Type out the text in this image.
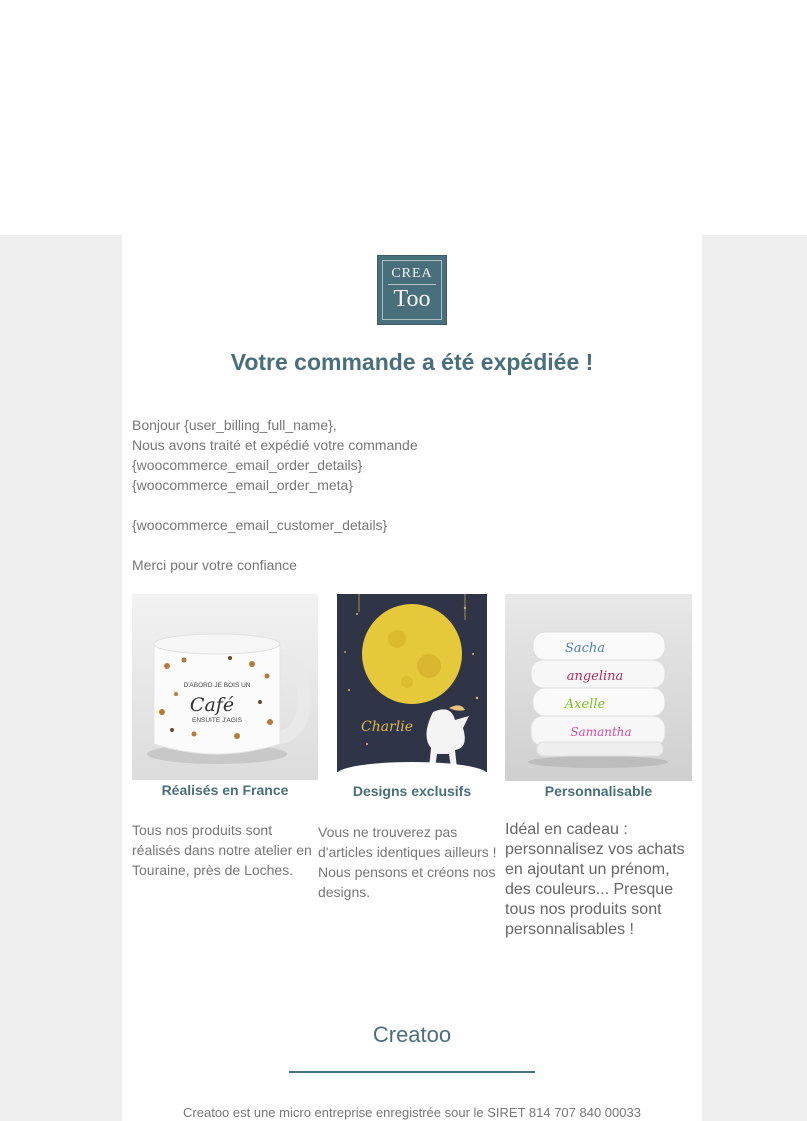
CREA
Too
Votre commande a été expédiée !
Bonjour {user_billing_full_name},
Nous avons traité et expédié votre commande
{woocommerce_email_order_details}
{woocommerce_email_order_meta}
{woocommerce_email_customer_details}
Merci pour votre confiance
D'ABORD JE BOIS UN
Café
ENSUITE J'AGIS
Réalisés en France
Tous nos produits sont réalisés dans notre atelier en Touraine, près de Loches.
Charlie
Designs exclusifs
Vous ne trouverez pas d'articles identiques ailleurs ! Nous pensons et créons nos designs.
Sacha
angelina
Axelle
Samantha
Personnalisable
Idéal en cadeau : personnalisez vos achats en ajoutant un prénom, des couleurs... Presque tous nos produits sont personnalisables !
Creatoo
Creatoo est une micro entreprise enregistrée sour le SIRET 814 707 840 00033
